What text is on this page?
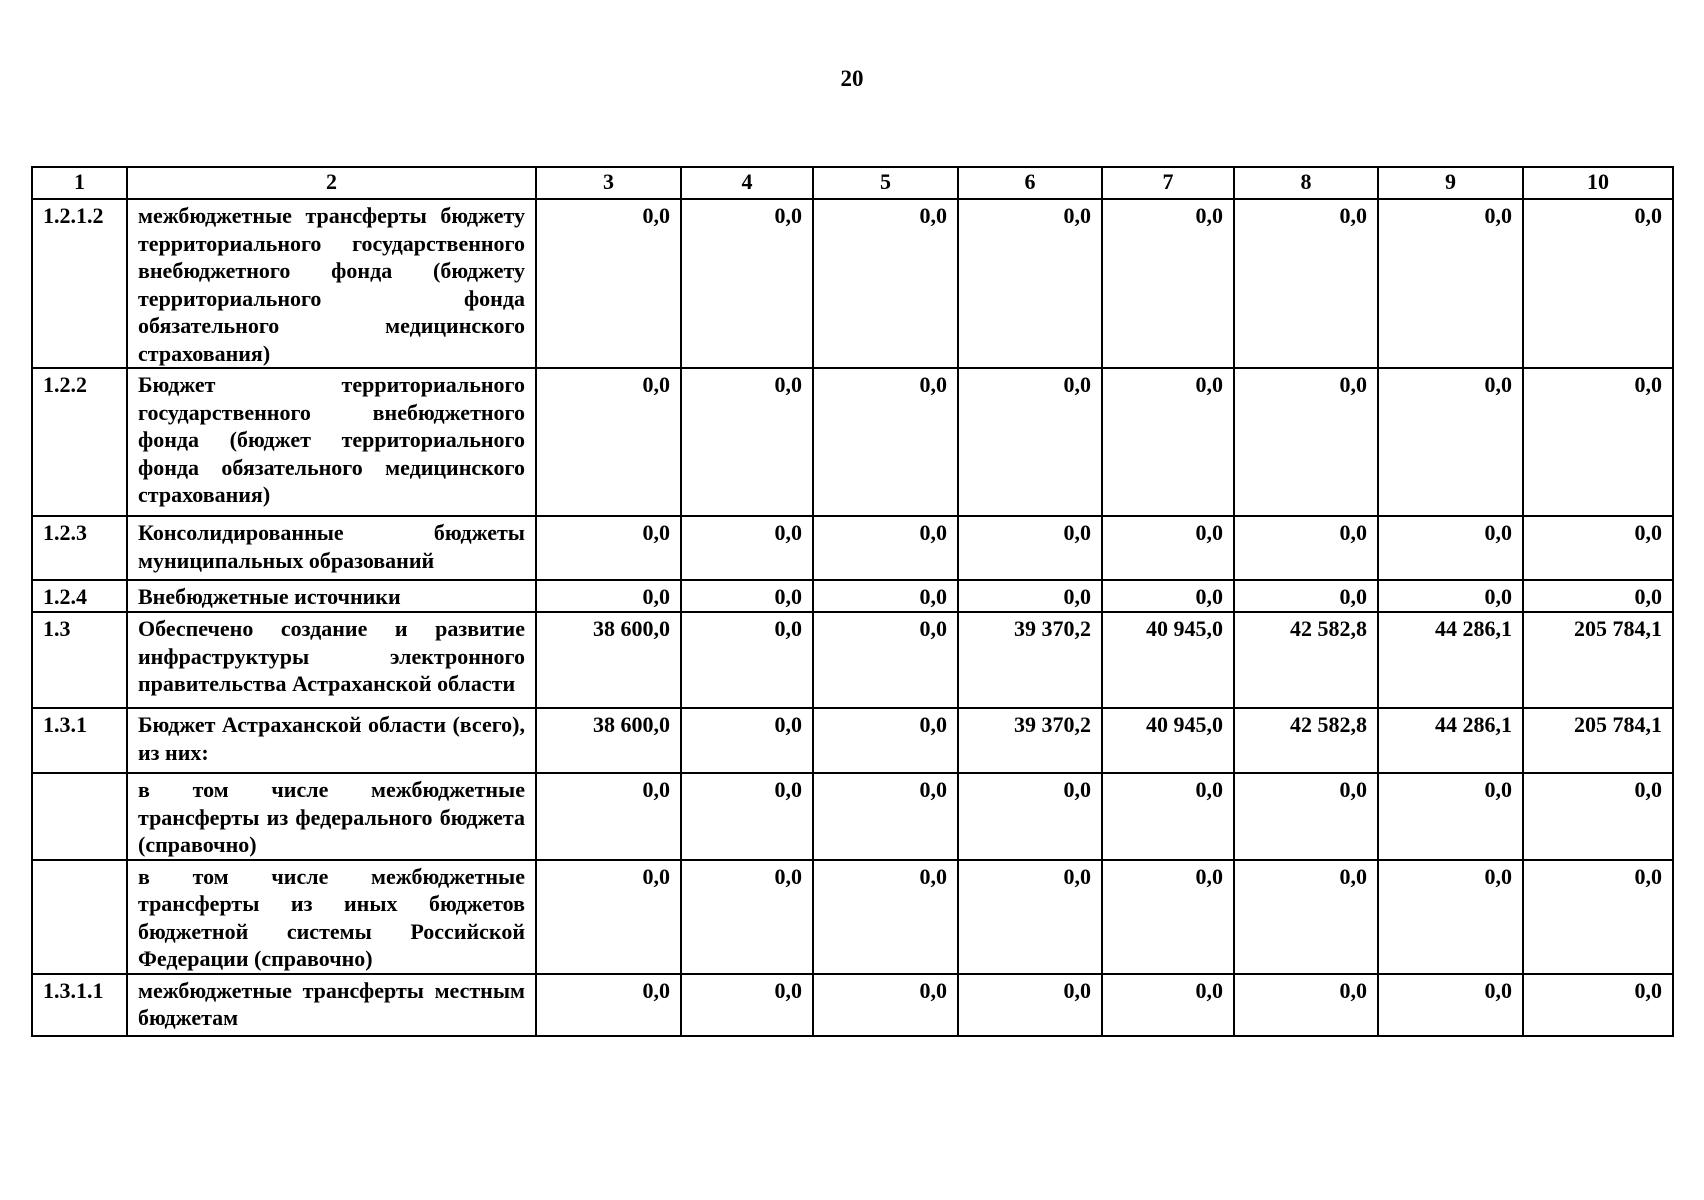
20
1	2	3	4	5	6	7	8	9	10
1.2.1.2	межбюджетные трансферты бюджету территориального государственного внебюджетного фонда (бюджету территориального фонда обязательного медицинского страхования)	0,0	0,0	0,0	0,0	0,0	0,0	0,0	0,0
1.2.2	Бюджет территориального государственного внебюджетного фонда (бюджет территориального фонда обязательного медицинского страхования)	0,0	0,0	0,0	0,0	0,0	0,0	0,0	0,0
1.2.3	Консолидированные бюджеты муниципальных образований	0,0	0,0	0,0	0,0	0,0	0,0	0,0	0,0
1.2.4	Внебюджетные источники	0,0	0,0	0,0	0,0	0,0	0,0	0,0	0,0
1.3	Обеспечено создание и развитие инфраструктуры электронного правительства Астраханской области	38 600,0	0,0	0,0	39 370,2	40 945,0	42 582,8	44 286,1	205 784,1
1.3.1	Бюджет Астраханской области (всего), из них:	38 600,0	0,0	0,0	39 370,2	40 945,0	42 582,8	44 286,1	205 784,1
	в том числе межбюджетные трансферты из федерального бюджета (справочно)	0,0	0,0	0,0	0,0	0,0	0,0	0,0	0,0
	в том числе межбюджетные трансферты из иных бюджетов бюджетной системы Российской Федерации (справочно)	0,0	0,0	0,0	0,0	0,0	0,0	0,0	0,0
1.3.1.1	межбюджетные трансферты местным бюджетам	0,0	0,0	0,0	0,0	0,0	0,0	0,0	0,0
